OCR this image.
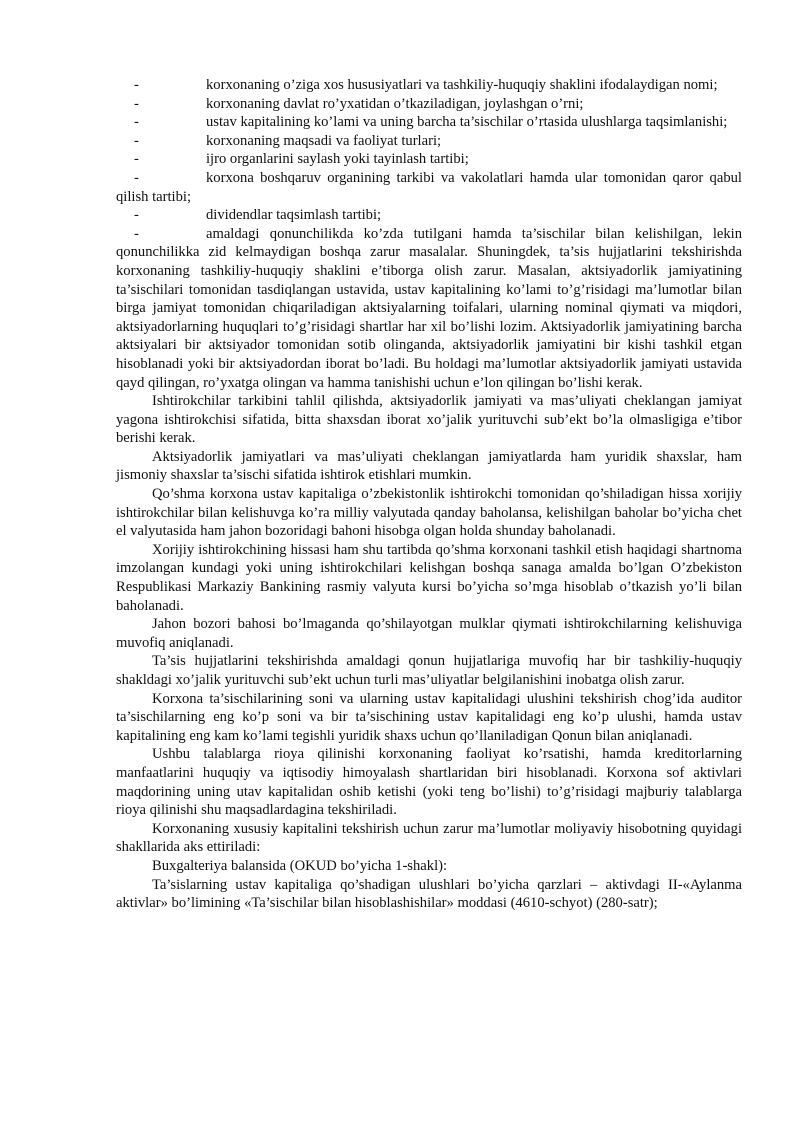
-	korxonaning o’ziga xos hususiyatlari va tashkiliy-huquqiy shaklini ifodalaydigan nomi;

-	korxonaning davlat ro’yxatidan o’tkaziladigan, joylashgan o’rni;

-	ustav kapitalining ko’lami va uning barcha ta’sischilar o’rtasida ulushlarga taqsimlanishi;

-	korxonaning maqsadi va faoliyat turlari;

-	ijro organlarini saylash yoki tayinlash tartibi;

-	korxona boshqaruv organining tarkibi va vakolatlari hamda ular tomonidan qaror qabul qilish tartibi;

-	dividendlar taqsimlash tartibi;

-	amaldagi qonunchilikda ko’zda tutilgani hamda ta’sischilar bilan kelishilgan, lekin qonunchilikka zid kelmaydigan boshqa zarur masalalar. Shuningdek, ta’sis hujjatlarini tekshirishda korxonaning tashkiliy-huquqiy shaklini e’tiborga olish zarur. Masalan, aktsiyadorlik jamiyatining ta’sischilari tomonidan tasdiqlangan ustavida, ustav kapitalining ko’lami to’g’risidagi ma’lumotlar bilan birga jamiyat tomonidan chiqariladigan aktsiyalarning toifalari, ularning nominal qiymati va miqdori, aktsiyadorlarning huquqlari to’g’risidagi shartlar har xil bo’lishi lozim. Aktsiyadorlik jamiyatining barcha aktsiyalari bir aktsiyador tomonidan sotib olinganda, aktsiyadorlik jamiyatini bir kishi tashkil etgan hisoblanadi yoki bir aktsiyadordan iborat bo’ladi. Bu holdagi ma’lumotlar aktsiyadorlik jamiyati ustavida qayd qilingan, ro’yxatga olingan va hamma tanishishi uchun e’lon qilingan bo’lishi kerak.

Ishtirokchilar tarkibini tahlil qilishda, aktsiyadorlik jamiyati va mas’uliyati cheklangan jamiyat yagona ishtirokchisi sifatida, bitta shaxsdan iborat xo’jalik yurituvchi sub’ekt bo’la olmasligiga e’tibor berishi kerak.

Aktsiyadorlik jamiyatlari va mas’uliyati cheklangan jamiyatlarda ham yuridik shaxslar, ham jismoniy shaxslar ta’sischi sifatida ishtirok etishlari mumkin.

Qo’shma korxona ustav kapitaliga o’zbekistonlik ishtirokchi tomonidan qo’shiladigan hissa xorijiy ishtirokchilar bilan kelishuvga ko’ra milliy valyutada qanday baholansa, kelishilgan baholar bo’yicha chet el valyutasida ham jahon bozoridagi bahoni hisobga olgan holda shunday baholanadi.

Xorijiy ishtirokchining hissasi ham shu tartibda qo’shma korxonani tashkil etish haqidagi shartnoma imzolangan kundagi yoki uning ishtirokchilari kelishgan boshqa sanaga amalda bo’lgan O’zbekiston Respublikasi Markaziy Bankining rasmiy valyuta kursi bo’yicha so’mga hisoblab o’tkazish yo’li bilan baholanadi.

Jahon bozori bahosi bo’lmaganda qo’shilayotgan mulklar qiymati ishtirokchilarning kelishuviga muvofiq aniqlanadi.

Ta’sis hujjatlarini tekshirishda amaldagi qonun hujjatlariga muvofiq har bir tashkiliy-huquqiy shakldagi xo’jalik yurituvchi sub’ekt uchun turli mas’uliyatlar belgilanishini inobatga olish zarur.

Korxona ta’sischilarining soni va ularning ustav kapitalidagi ulushini tekshirish chog’ida auditor ta’sischilarning eng ko’p soni va bir ta’sischining ustav kapitalidagi eng ko’p ulushi, hamda ustav kapitalining eng kam ko’lami tegishli yuridik shaxs uchun qo’llaniladigan Qonun bilan aniqlanadi.

Ushbu talablarga rioya qilinishi korxonaning faoliyat ko’rsatishi, hamda kreditorlarning manfaatlarini huquqiy va iqtisodiy himoyalash shartlaridan biri hisoblanadi. Korxona sof aktivlari maqdorining uning utav kapitalidan oshib ketishi (yoki teng bo’lishi) to’g’risidagi majburiy talablarga rioya qilinishi shu maqsadlardagina tekshiriladi.

Korxonaning xususiy kapitalini tekshirish uchun zarur ma’lumotlar moliyaviy hisobotning quyidagi shakllarida aks ettiriladi:

Buxgalteriya balansida (OKUD bo’yicha 1-shakl):

Ta’sislarning ustav kapitaliga qo’shadigan ulushlari bo’yicha qarzlari – aktivdagi II-«Aylanma aktivlar» bo’limining «Ta’sischilar bilan hisoblashishilar» moddasi (4610-schyot) (280-satr);
